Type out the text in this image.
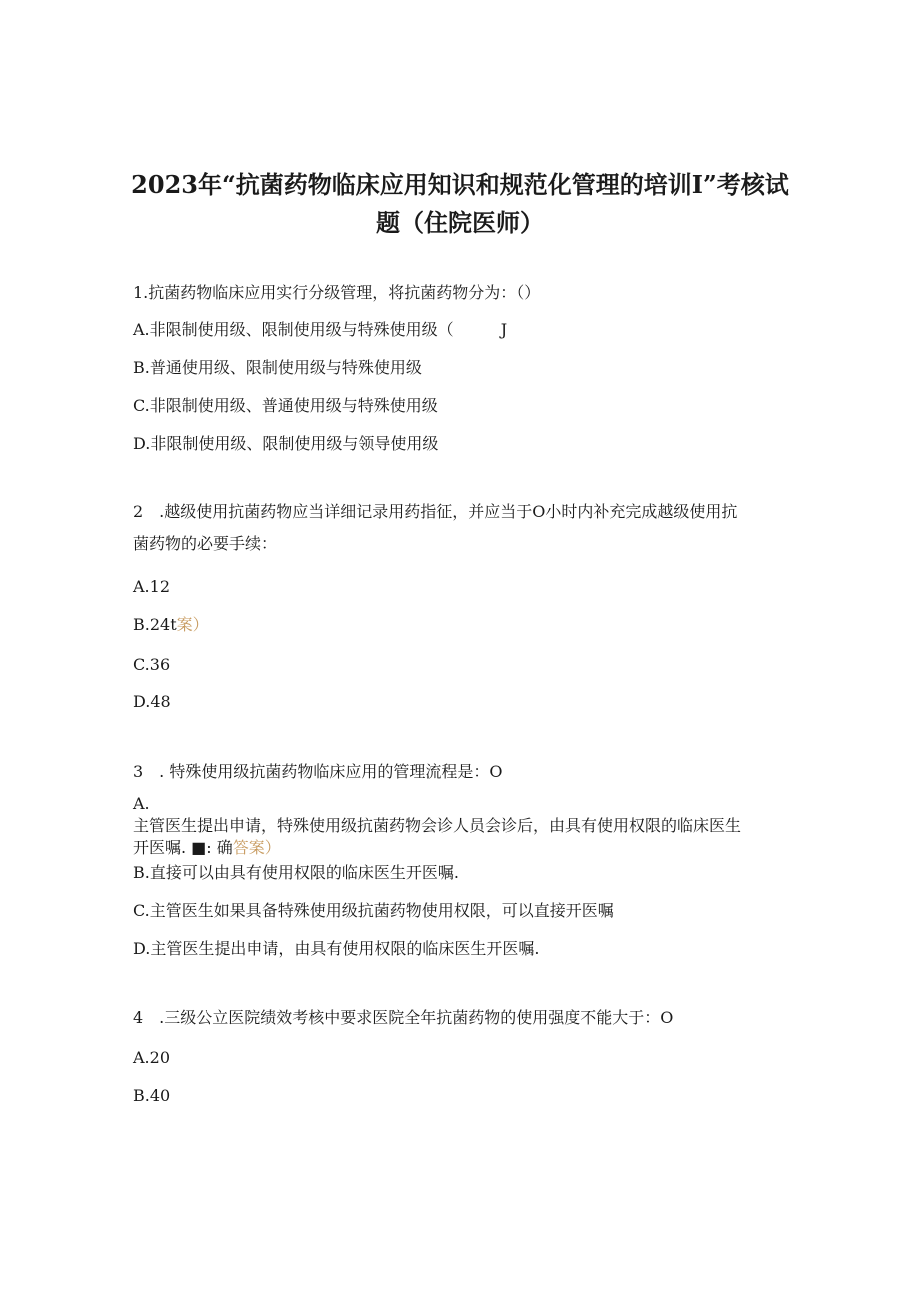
2023年“抗菌药物临床应用知识和规范化管理的培训I”考核试
题（住院医师）
1.抗菌药物临床应用实行分级管理，将抗菌药物分为：（）
A.非限制使用级、限制使用级与特殊使用级（	J
B.普通使用级、限制使用级与特殊使用级
C.非限制使用级、普通使用级与特殊使用级
D.非限制使用级、限制使用级与领导使用级
2　.越级使用抗菌药物应当详细记录用药指征，并应当于O小时内补充完成越级使用抗
菌药物的必要手续：
A.12
B.24t案）
C.36
D.48
3　. 特殊使用级抗菌药物临床应用的管理流程是：O
A.
主管医生提出申请，特殊使用级抗菌药物会诊人员会诊后，由具有使用权限的临床医生
开医嘱. ■: 确答案）
B.直接可以由具有使用权限的临床医生开医嘱.
C.主管医生如果具备特殊使用级抗菌药物使用权限，可以直接开医嘱
D.主管医生提出申请，由具有使用权限的临床医生开医嘱.
4　.三级公立医院绩效考核中要求医院全年抗菌药物的使用强度不能大于：O
A.20
B.40
